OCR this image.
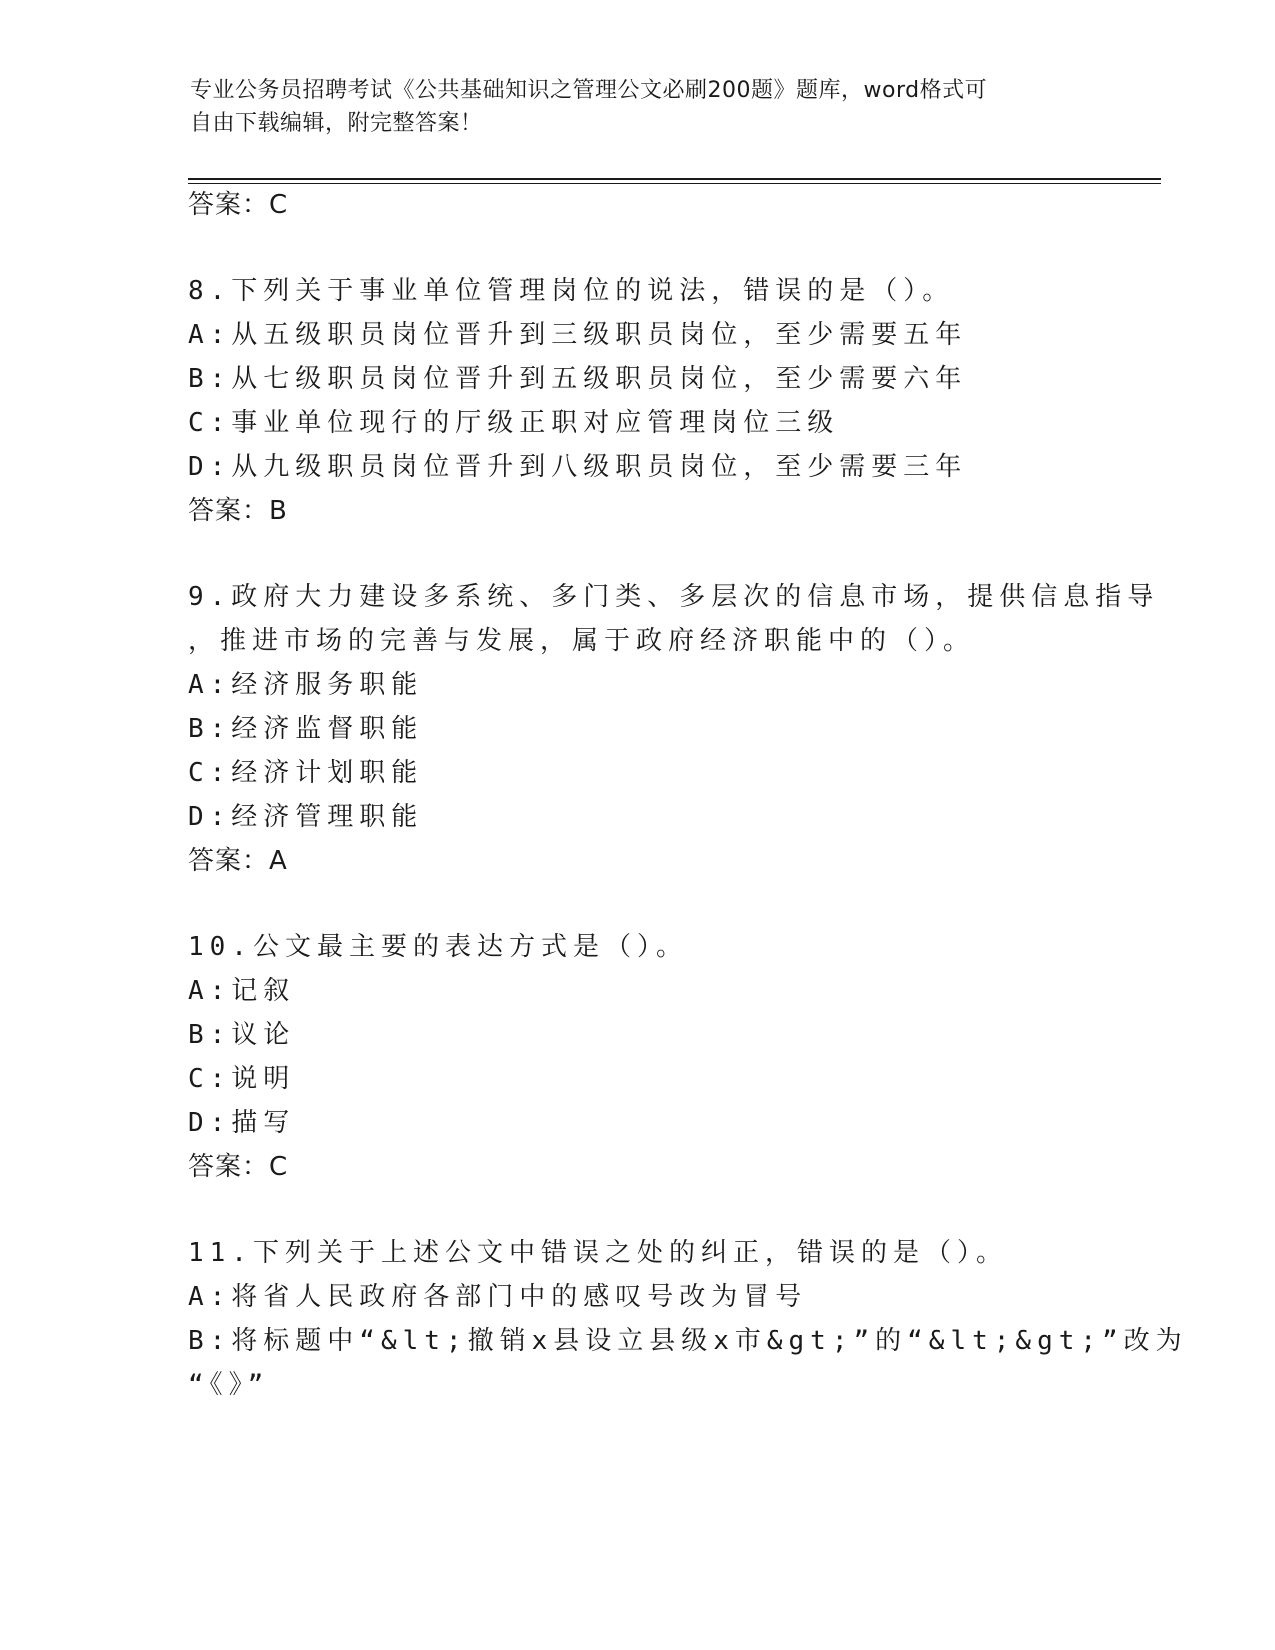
专业公务员招聘考试《公共基础知识之管理公文必刷200题》题库，word格式可
自由下载编辑，附完整答案！
答案：C
8.下列关于事业单位管理岗位的说法，错误的是（）。
A:从五级职员岗位晋升到三级职员岗位，至少需要五年
B:从七级职员岗位晋升到五级职员岗位，至少需要六年
C:事业单位现行的厅级正职对应管理岗位三级
D:从九级职员岗位晋升到八级职员岗位，至少需要三年
答案：B
9.政府大力建设多系统、多门类、多层次的信息市场，提供信息指导
，推进市场的完善与发展，属于政府经济职能中的（）。
A:经济服务职能
B:经济监督职能
C:经济计划职能
D:经济管理职能
答案：A
10.公文最主要的表达方式是（）。
A:记叙
B:议论
C:说明
D:描写
答案：C
11.下列关于上述公文中错误之处的纠正，错误的是（）。
A:将省人民政府各部门中的感叹号改为冒号
B:将标题中“&lt;撤销x县设立县级x市&gt;”的“&lt;&gt;”改为
“《》”
